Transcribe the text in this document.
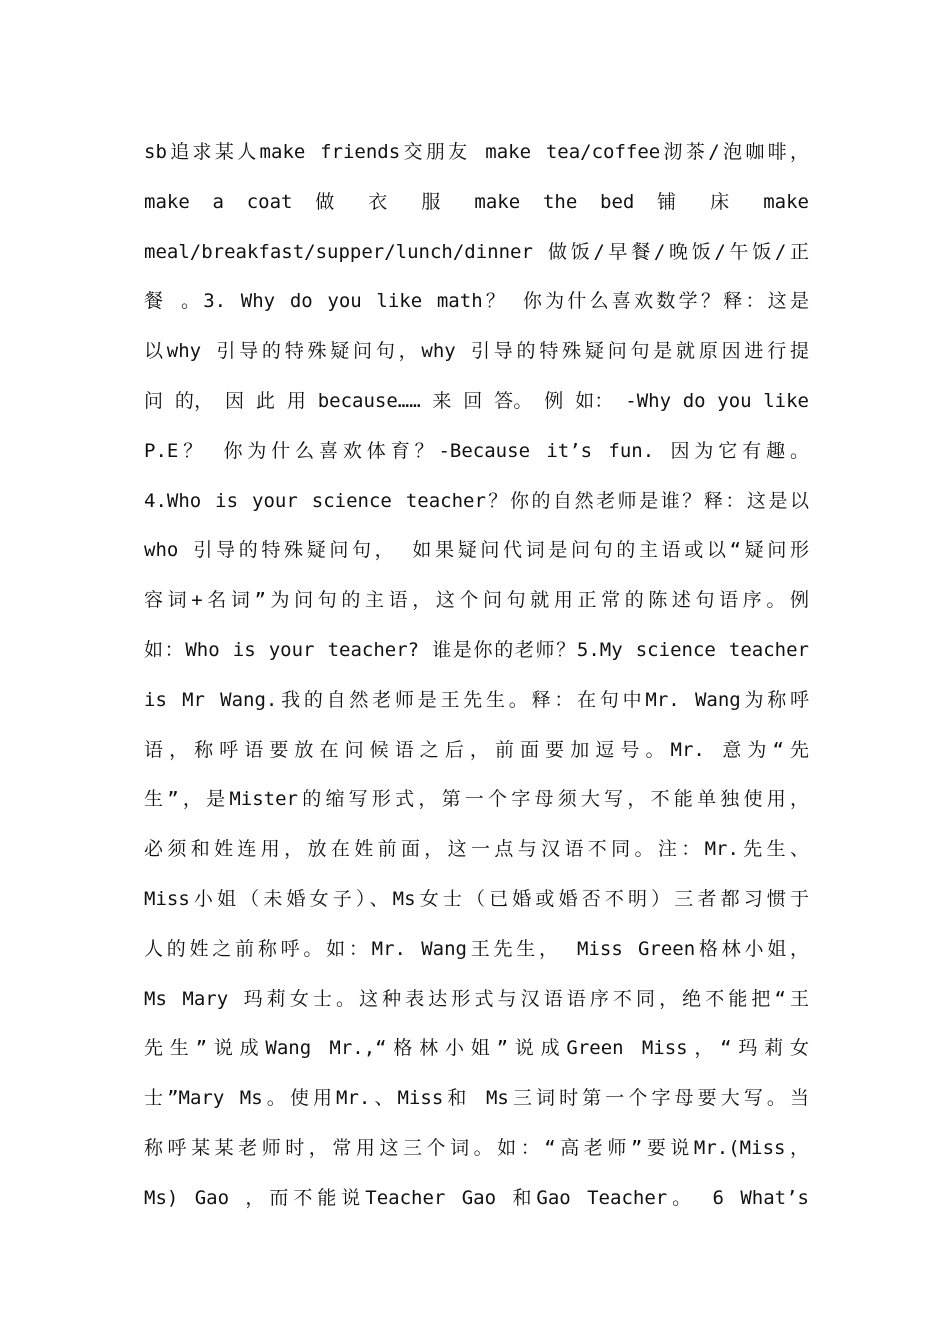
sb追求某人make friends交朋友 make tea/coffee沏茶/泡咖啡，
make a coat 做 衣 服 make the bed 铺 床 make
meal/breakfast/supper/lunch/dinner 做饭/早餐/晚饭/午饭/正
餐 。3. Why do you like math？ 你为什么喜欢数学？释：这是
以why 引导的特殊疑问句，why 引导的特殊疑问句是就原因进行提
问 的， 因 此 用 because…… 来 回 答。 例 如： -Why do you like
P.E？ 你为什么喜欢体育？-Because it’s fun. 因为它有趣。
4.Who is your science teacher？你的自然老师是谁？释：这是以
who 引导的特殊疑问句， 如果疑问代词是问句的主语或以“疑问形
容词+名词”为问句的主语，这个问句就用正常的陈述句语序。例
如：Who is your teacher? 谁是你的老师？5.My science teacher
is Mr Wang.我的自然老师是王先生。释：在句中Mr. Wang为称呼
语，称呼语要放在问候语之后，前面要加逗号。Mr. 意为“先
生”，是Mister的缩写形式，第一个字母须大写，不能单独使用，
必须和姓连用，放在姓前面，这一点与汉语不同。注：Mr.先生、
Miss小姐（未婚女子）、Ms女士（已婚或婚否不明）三者都习惯于
人的姓之前称呼。如：Mr. Wang王先生， Miss Green格林小姐，
Ms Mary 玛莉女士。这种表达形式与汉语语序不同，绝不能把“王
先生”说成Wang Mr.,“格林小姐”说成Green Miss，“玛莉女
士”Mary Ms。使用Mr.、Miss和 Ms三词时第一个字母要大写。当
称呼某某老师时，常用这三个词。如：“高老师”要说Mr.(Miss，
Ms) Gao ，而不能说Teacher Gao 和Gao Teacher。 6 What’s
